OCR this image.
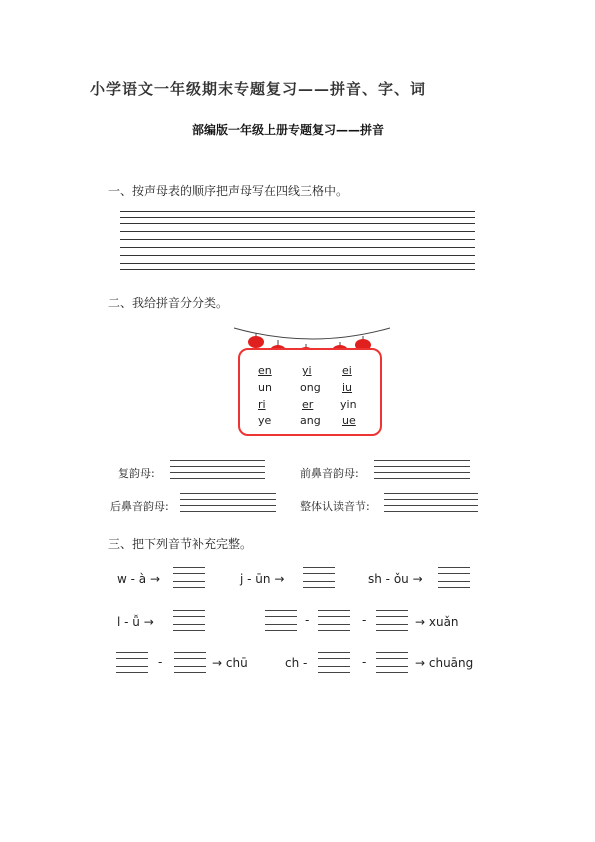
小学语文一年级期末专题复习——拼音、字、词
部编版一年级上册专题复习——拼音
一、按声母表的顺序把声母写在四线三格中。
二、我给拼音分分类。
en	yi	ei
un	ong iu
ri	er yin
ye	ang ue
复韵母:	前鼻音韵母:
后鼻音韵母:	整体认读音节:
三、把下列音节补充完整。
w - à →	j - ūn →	sh - ǒu →
l - ǚ →	-	-	→ xuǎn
-	→ chū	ch -	-	→ chuāng
